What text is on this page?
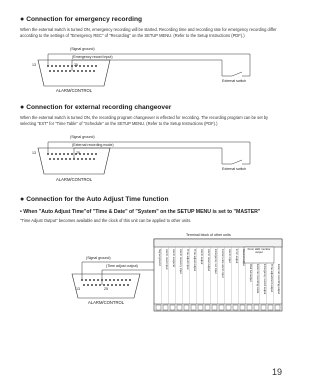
● Connection for emergency recording
When the external switch is turned ON, emergency recording will be started. Recording time and recording rate for emergency recording differ according to the settings of "Emergency REC" of "Recording" on the SETUP MENU. (Refer to the Setup Instructions (PDF).)
(Signal ground)
(Emergency record input)
13	25
External switch
ALARM/CONTROL
● Connection for external recording changeover
When the external switch is turned ON, the recording program changeover is effected for recording. The recording program can be set by selecting "EXT" for "Time Table" of "Schedule" on the SETUP MENU. (Refer to the Setup Instructions (PDF).)
(Signal ground)
(External recording mode)
13	25
External switch
ALARM/CONTROL
● Connection for the Auto Adjust Time function
• When "Auto Adjust Time"of "Time & Date" of "System" on the SETUP MENU is set to "MASTER"
"Time Adjust Output" becomes available and the clock of this unit can be applied to other units.
Terminal block of other units
(Signal ground)
(Time adjust output)
13	25
ALARM/CONTROL
From LED monitor output
Signal ground Alarm reset input Alarm suspend Alarm recovery input Time adjust input Time adjust output Alarm output Alarm reset output Emergency rec input Camera site alarm input Alarm input Error output Record output
Disk full output External recording mode Emergency record output Time adjustment output External recording output
19
